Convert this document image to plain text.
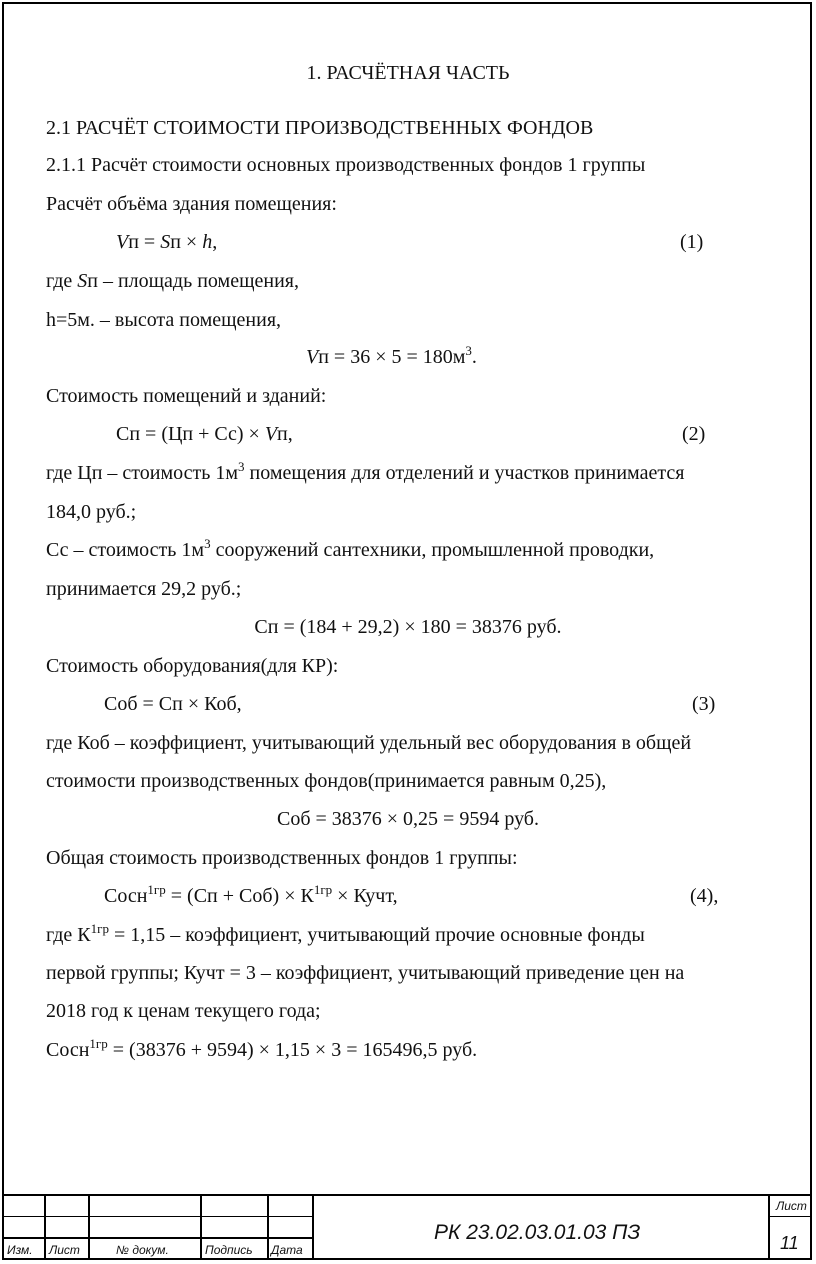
1. РАСЧЁТНАЯ ЧАСТЬ
2.1 РАСЧЁТ СТОИМОСТИ ПРОИЗВОДСТВЕННЫХ ФОНДОВ
2.1.1 Расчёт стоимости основных производственных фондов 1 группы
Расчёт объёма здания помещения:
Vп = Sп × h,	(1)
где Sп – площадь помещения,
h=5м. – высота помещения,
Vп = $36 \times 5 = 180м^3$.
Стоимость помещений и зданий:
Сп = (Цп + Сс) × Vп,	(2)
где Цп – стоимость $1м^3$ помещения для отделений и участков принимается
184,0 руб.;
Сс – стоимость $1м^3$ сооружений сантехники, промышленной проводки,
принимается 29,2 руб.;
Сп = (184 + 29,2) × 180 = 38376 руб.
Стоимость оборудования(для КР):
Соб = Сп × Коб,	(3)
где Коб – коэффициент, учитывающий удельный вес оборудования в общей
стоимости производственных фондов(принимается равным 0,25),
Соб = 38376 × 0,25 = 9594 руб.
Общая стоимость производственных фондов 1 группы:
Сосн$^{1гр}$ = $(Сп + Соб) \times К^{1гр}$ × Кучт,	(4),
где $К^{1гр} = 1,15$ – коэффициент, учитывающий прочие основные фонды
первой группы; Кучт = 3 – коэффициент, учитывающий приведение цен на
2018 год к ценам текущего года;
Сосн$^{1гр}$ = (38376 + 9594) × 1,15 × 3 = 165496,5 руб.
Изм. Лист	№ докум.	Подпись Дата
РК 23.02.03.01.03 ПЗ
Лист
11
